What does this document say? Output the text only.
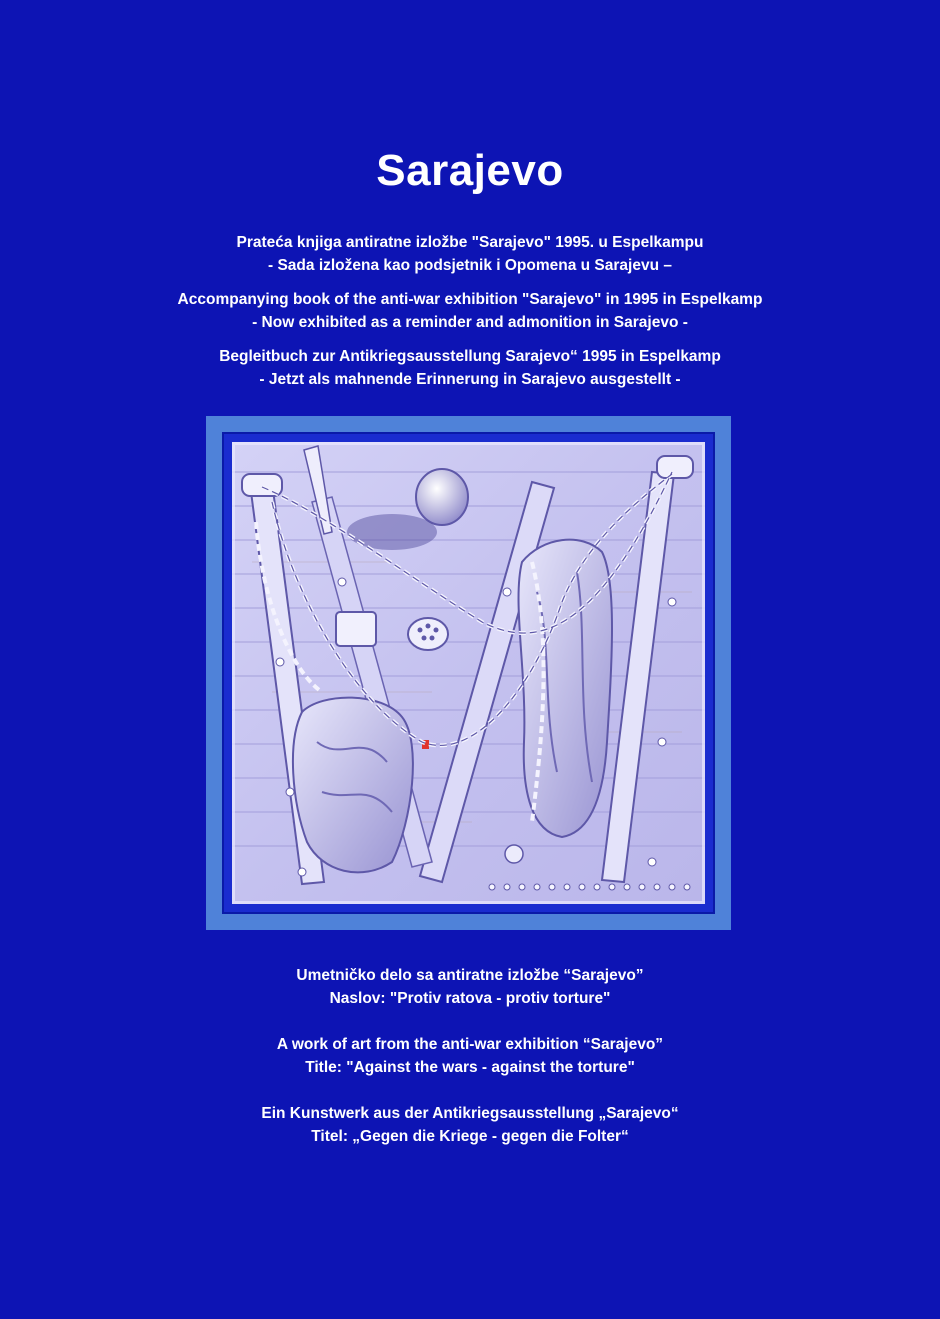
Sarajevo
Prateća knjiga antiratne izložbe "Sarajevo" 1995. u Espelkampu
- Sada izložena kao podsjetnik i Opomena u Sarajevu –
Accompanying book of the anti-war exhibition "Sarajevo" in 1995 in Espelkamp
- Now exhibited as a reminder and admonition in Sarajevo -
Begleitbuch zur Antikriegsausstellung Sarajevo“ 1995 in Espelkamp
- Jetzt als mahnende Erinnerung in Sarajevo ausgestellt -
Umetničko delo sa antiratne izložbe “Sarajevo”
Naslov: "Protiv ratova - protiv torture"
A work of art from the anti-war exhibition “Sarajevo”
Title: "Against the wars - against the torture"
Ein Kunstwerk aus der Antikriegsausstellung „Sarajevo“
Titel: „Gegen die Kriege - gegen die Folter“
